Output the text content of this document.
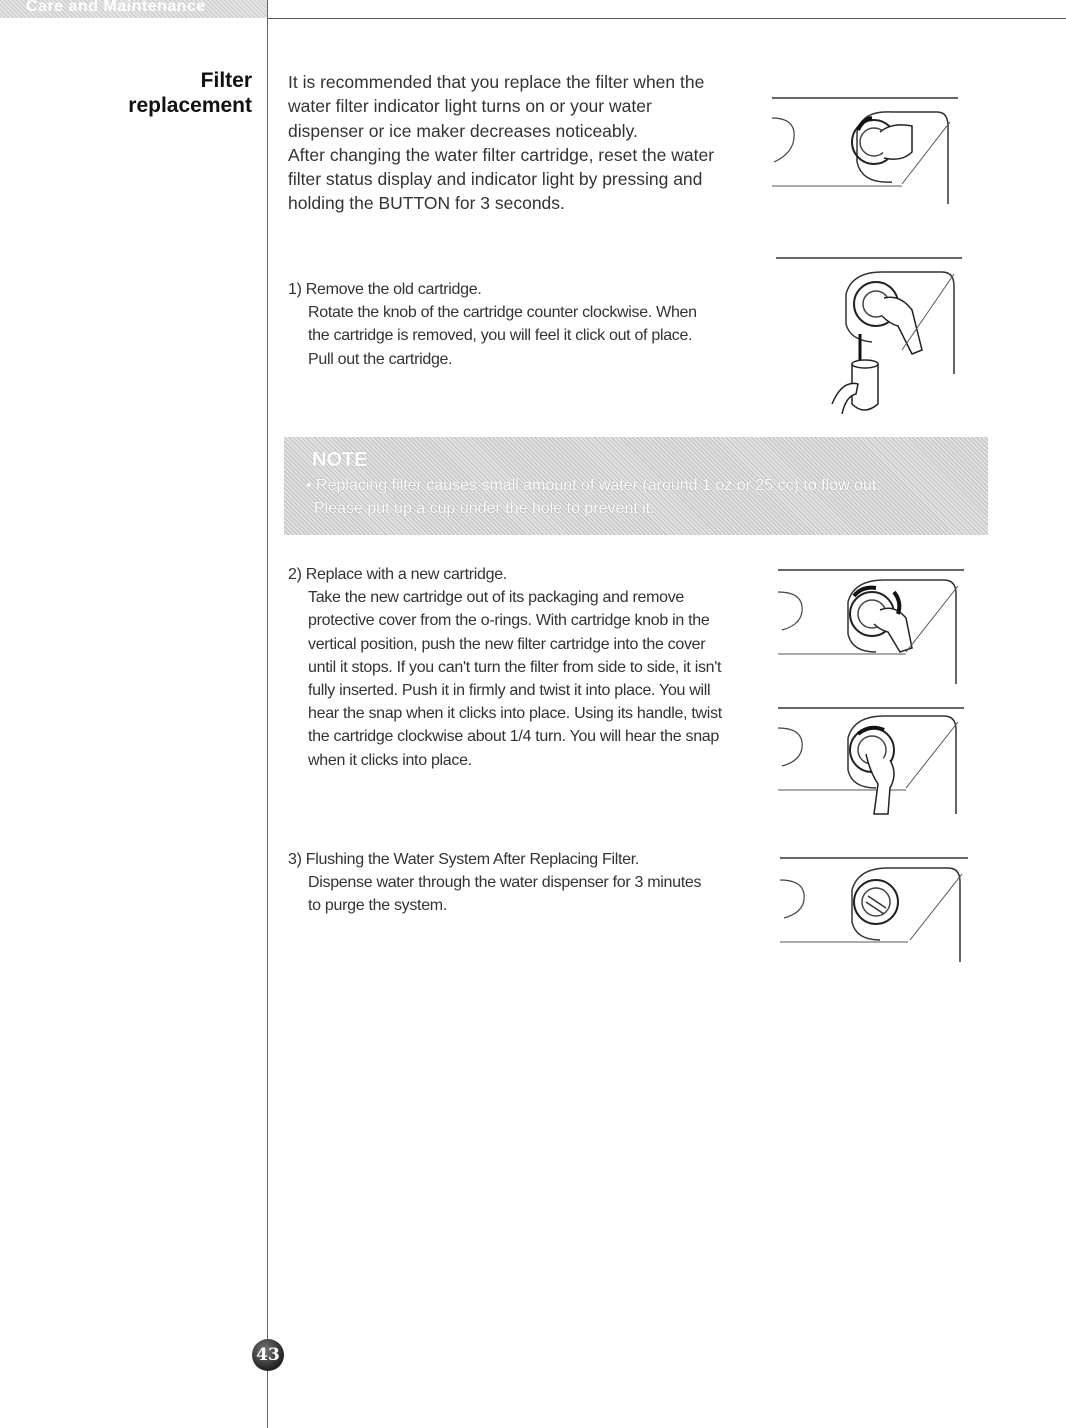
Care and Maintenance
Filter
replacement

It is recommended that you replace the filter when the water filter indicator light turns on or your water dispenser or ice maker decreases noticeably.

After changing the water filter cartridge, reset the water filter status display and indicator light by pressing and holding the BUTTON for 3 seconds.

1) Remove the old cartridge.
Rotate the knob of the cartridge counter clockwise. When the cartridge is removed, you will feel it click out of place. Pull out the cartridge.
NOTE
• Replacing filter causes small amount of water (around 1 oz or 25 cc) to flow out.
Please put up a cup under the hole to prevent it.
2) Replace with a new cartridge.
Take the new cartridge out of its packaging and remove protective cover from the o-rings. With cartridge knob in the vertical position, push the new filter cartridge into the cover until it stops. If you can't turn the filter from side to side, it isn't fully inserted. Push it in firmly and twist it into place. You will hear the snap when it clicks into place. Using its handle, twist the cartridge clockwise about 1/4 turn. You will hear the snap when it clicks into place.
3) Flushing the Water System After Replacing Filter.
Dispense water through the water dispenser for 3 minutes to purge the system.
43
